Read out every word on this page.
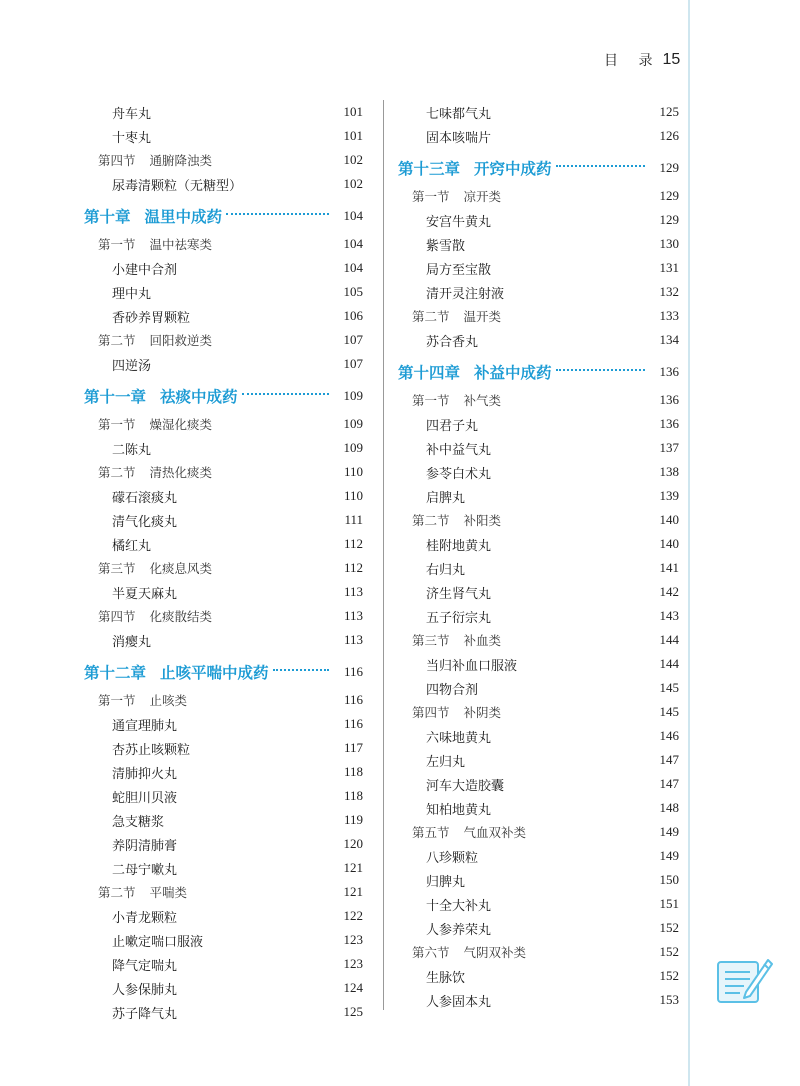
目 录 15
舟车丸	101
十枣丸	101
第四节 通腑降浊类	102
尿毒清颗粒（无糖型）	102
第十章 温里中成药	104
第一节 温中祛寒类	104
小建中合剂	104
理中丸	105
香砂养胃颗粒	106
第二节 回阳救逆类	107
四逆汤	107
第十一章 祛痰中成药	109
第一节 燥湿化痰类	109
二陈丸	109
第二节 清热化痰类	110
礞石滚痰丸	110
清气化痰丸	111
橘红丸	112
第三节 化痰息风类	112
半夏天麻丸	113
第四节 化痰散结类	113
消瘿丸	113
第十二章 止咳平喘中成药	116
第一节 止咳类	116
通宣理肺丸	116
杏苏止咳颗粒	117
清肺抑火丸	118
蛇胆川贝液	118
急支糖浆	119
养阴清肺膏	120
二母宁嗽丸	121
第二节 平喘类	121
小青龙颗粒	122
止嗽定喘口服液	123
降气定喘丸	123
人参保肺丸	124
苏子降气丸	125
七味都气丸	125
固本咳喘片	126
第十三章 开窍中成药	129
第一节 凉开类	129
安宫牛黄丸	129
紫雪散	130
局方至宝散	131
清开灵注射液	132
第二节 温开类	133
苏合香丸	134
第十四章 补益中成药	136
第一节 补气类	136
四君子丸	136
补中益气丸	137
参苓白术丸	138
启脾丸	139
第二节 补阳类	140
桂附地黄丸	140
右归丸	141
济生肾气丸	142
五子衍宗丸	143
第三节 补血类	144
当归补血口服液	144
四物合剂	145
第四节 补阴类	145
六味地黄丸	146
左归丸	147
河车大造胶囊	147
知柏地黄丸	148
第五节 气血双补类	149
八珍颗粒	149
归脾丸	150
十全大补丸	151
人参养荣丸	152
第六节 气阴双补类	152
生脉饮	152
人参固本丸	153
